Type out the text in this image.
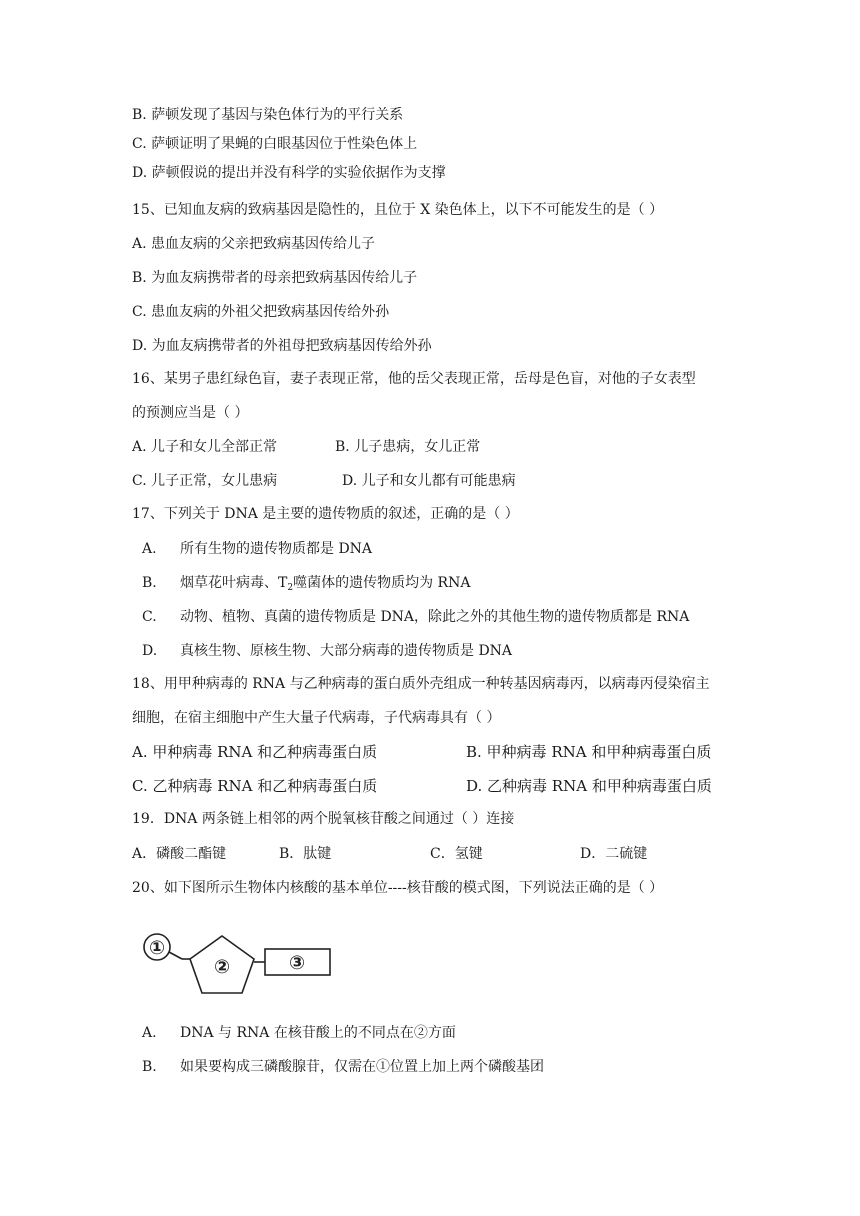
B. 萨顿发现了基因与染色体行为的平行关系
C. 萨顿证明了果蝇的白眼基因位于性染色体上
D. 萨顿假说的提出并没有科学的实验依据作为支撑
15、已知血友病的致病基因是隐性的，且位于 X 染色体上，以下不可能发生的是（ ）
A. 患血友病的父亲把致病基因传给儿子
B. 为血友病携带者的母亲把致病基因传给儿子
C. 患血友病的外祖父把致病基因传给外孙
D. 为血友病携带者的外祖母把致病基因传给外孙
16、某男子患红绿色盲，妻子表现正常，他的岳父表现正常，岳母是色盲，对他的子女表型
的预测应当是（ ）
A. 儿子和女儿全部正常	B. 儿子患病，女儿正常
C. 儿子正常，女儿患病	D. 儿子和女儿都有可能患病
17、下列关于 DNA 是主要的遗传物质的叙述，正确的是（ ）
A. 所有生物的遗传物质都是 DNA
B. 烟草花叶病毒、$T_2$噬菌体的遗传物质均为 RNA
C. 动物、植物、真菌的遗传物质是 DNA，除此之外的其他生物的遗传物质都是 RNA
D. 真核生物、原核生物、大部分病毒的遗传物质是 DNA
18、用甲种病毒的 RNA 与乙种病毒的蛋白质外壳组成一种转基因病毒丙，以病毒丙侵染宿主
细胞，在宿主细胞中产生大量子代病毒，子代病毒具有（ ）
A. 甲种病毒 RNA 和乙种病毒蛋白质	B. 甲种病毒 RNA 和甲种病毒蛋白质
C. 乙种病毒 RNA 和乙种病毒蛋白质	D. 乙种病毒 RNA 和甲种病毒蛋白质
19．DNA 两条链上相邻的两个脱氧核苷酸之间通过（ ）连接
A．磷酸二酯键	B．肽键	C．氢键	D．二硫键
20、如下图所示生物体内核酸的基本单位----核苷酸的模式图，下列说法正确的是（ ）
①
②	③
A. DNA 与 RNA 在核苷酸上的不同点在②方面
B. 如果要构成三磷酸腺苷，仅需在①位置上加上两个磷酸基团
